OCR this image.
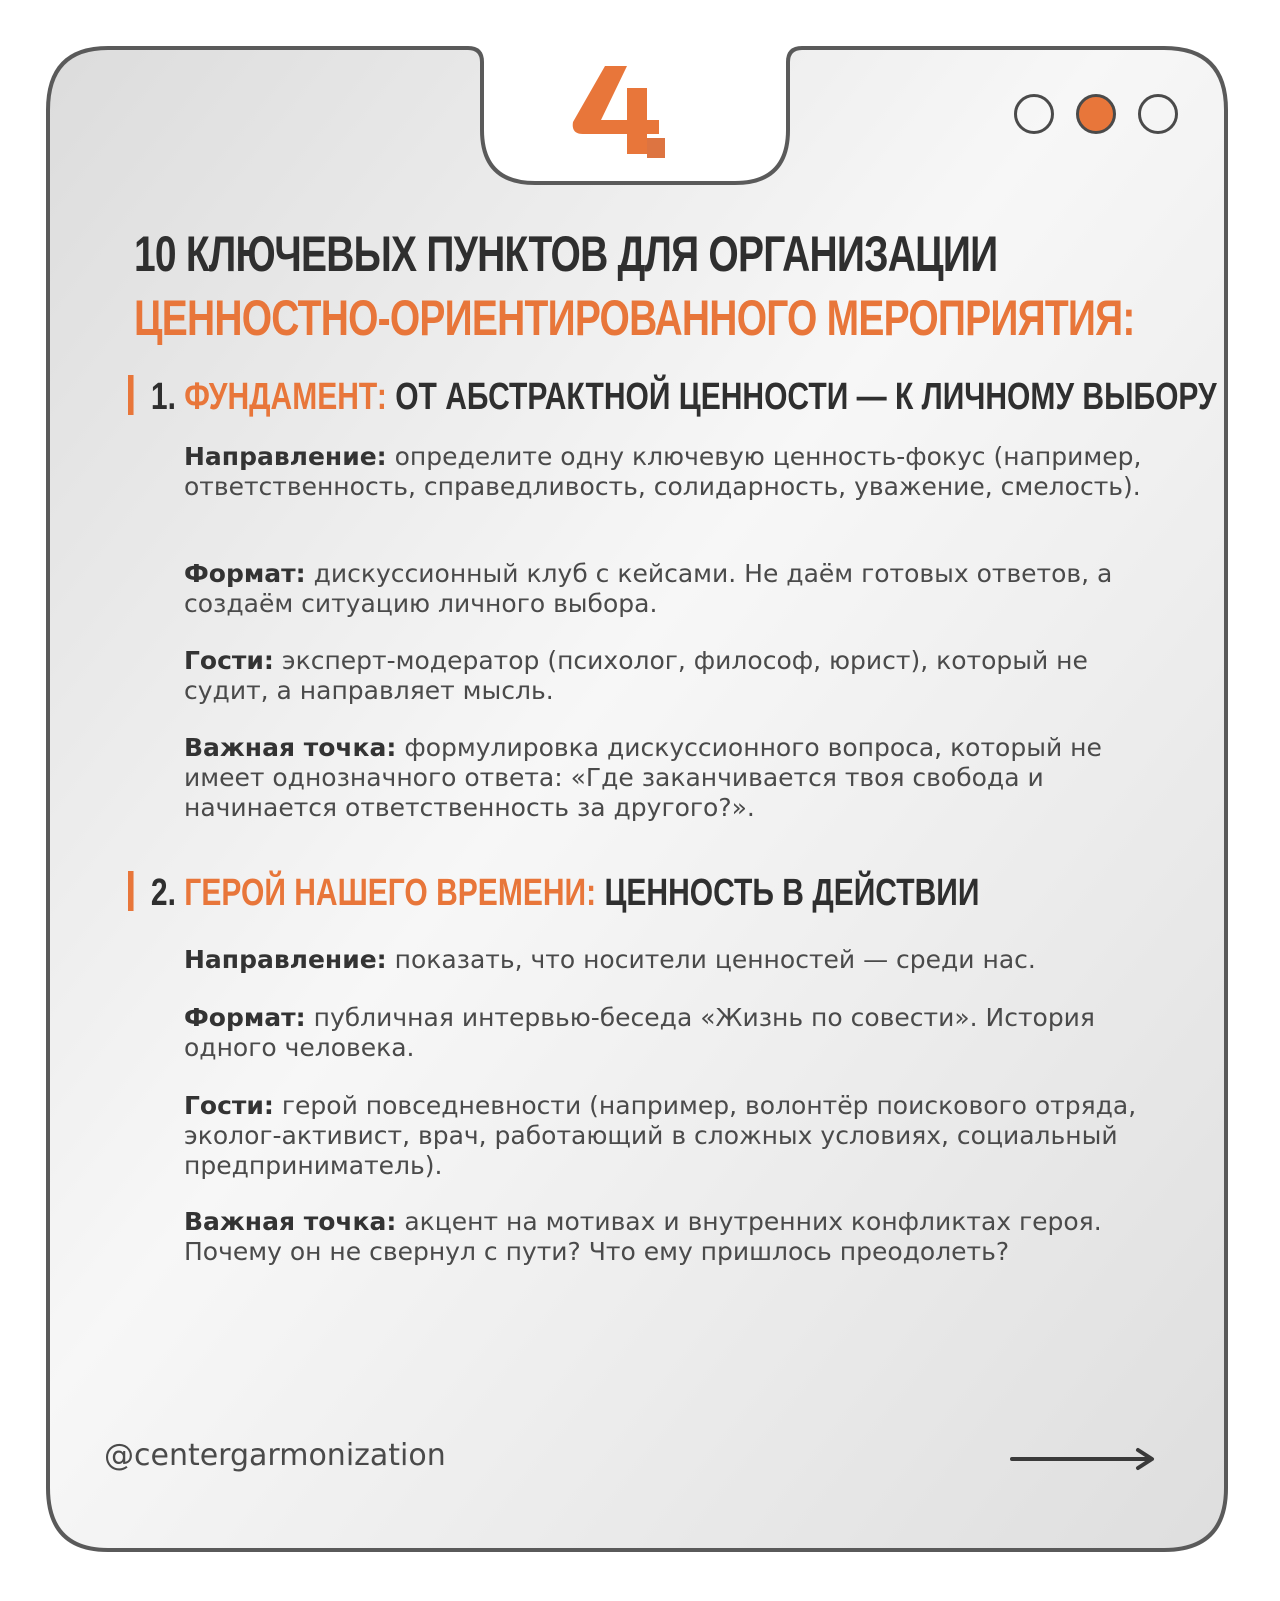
10 КЛЮЧЕВЫХ ПУНКТОВ ДЛЯ ОРГАНИЗАЦИИ
ЦЕННОСТНО-ОРИЕНТИРОВАННОГО МЕРОПРИЯТИЯ:
1. ФУНДАМЕНТ: ОТ АБСТРАКТНОЙ ЦЕННОСТИ — К ЛИЧНОМУ ВЫБОРУ
Направление: определите одну ключевую ценность-фокус (например, ответственность, справедливость, солидарность, уважение, смелость).
Формат: дискуссионный клуб с кейсами. Не даём готовых ответов, а создаём ситуацию личного выбора.
Гости: эксперт-модератор (психолог, философ, юрист), который не судит, а направляет мысль.
Важная точка: формулировка дискуссионного вопроса, который не имеет однозначного ответа: «Где заканчивается твоя свобода и начинается ответственность за другого?».
2. ГЕРОЙ НАШЕГО ВРЕМЕНИ: ЦЕННОСТЬ В ДЕЙСТВИИ
Направление: показать, что носители ценностей — среди нас.
Формат: публичная интервью-беседа «Жизнь по совести». История одного человека.
Гости: герой повседневности (например, волонтёр поискового отряда, эколог-активист, врач, работающий в сложных условиях, социальный предприниматель).
Важная точка: акцент на мотивах и внутренних конфликтах героя. Почему он не свернул с пути? Что ему пришлось преодолеть?
@centergarmonization
